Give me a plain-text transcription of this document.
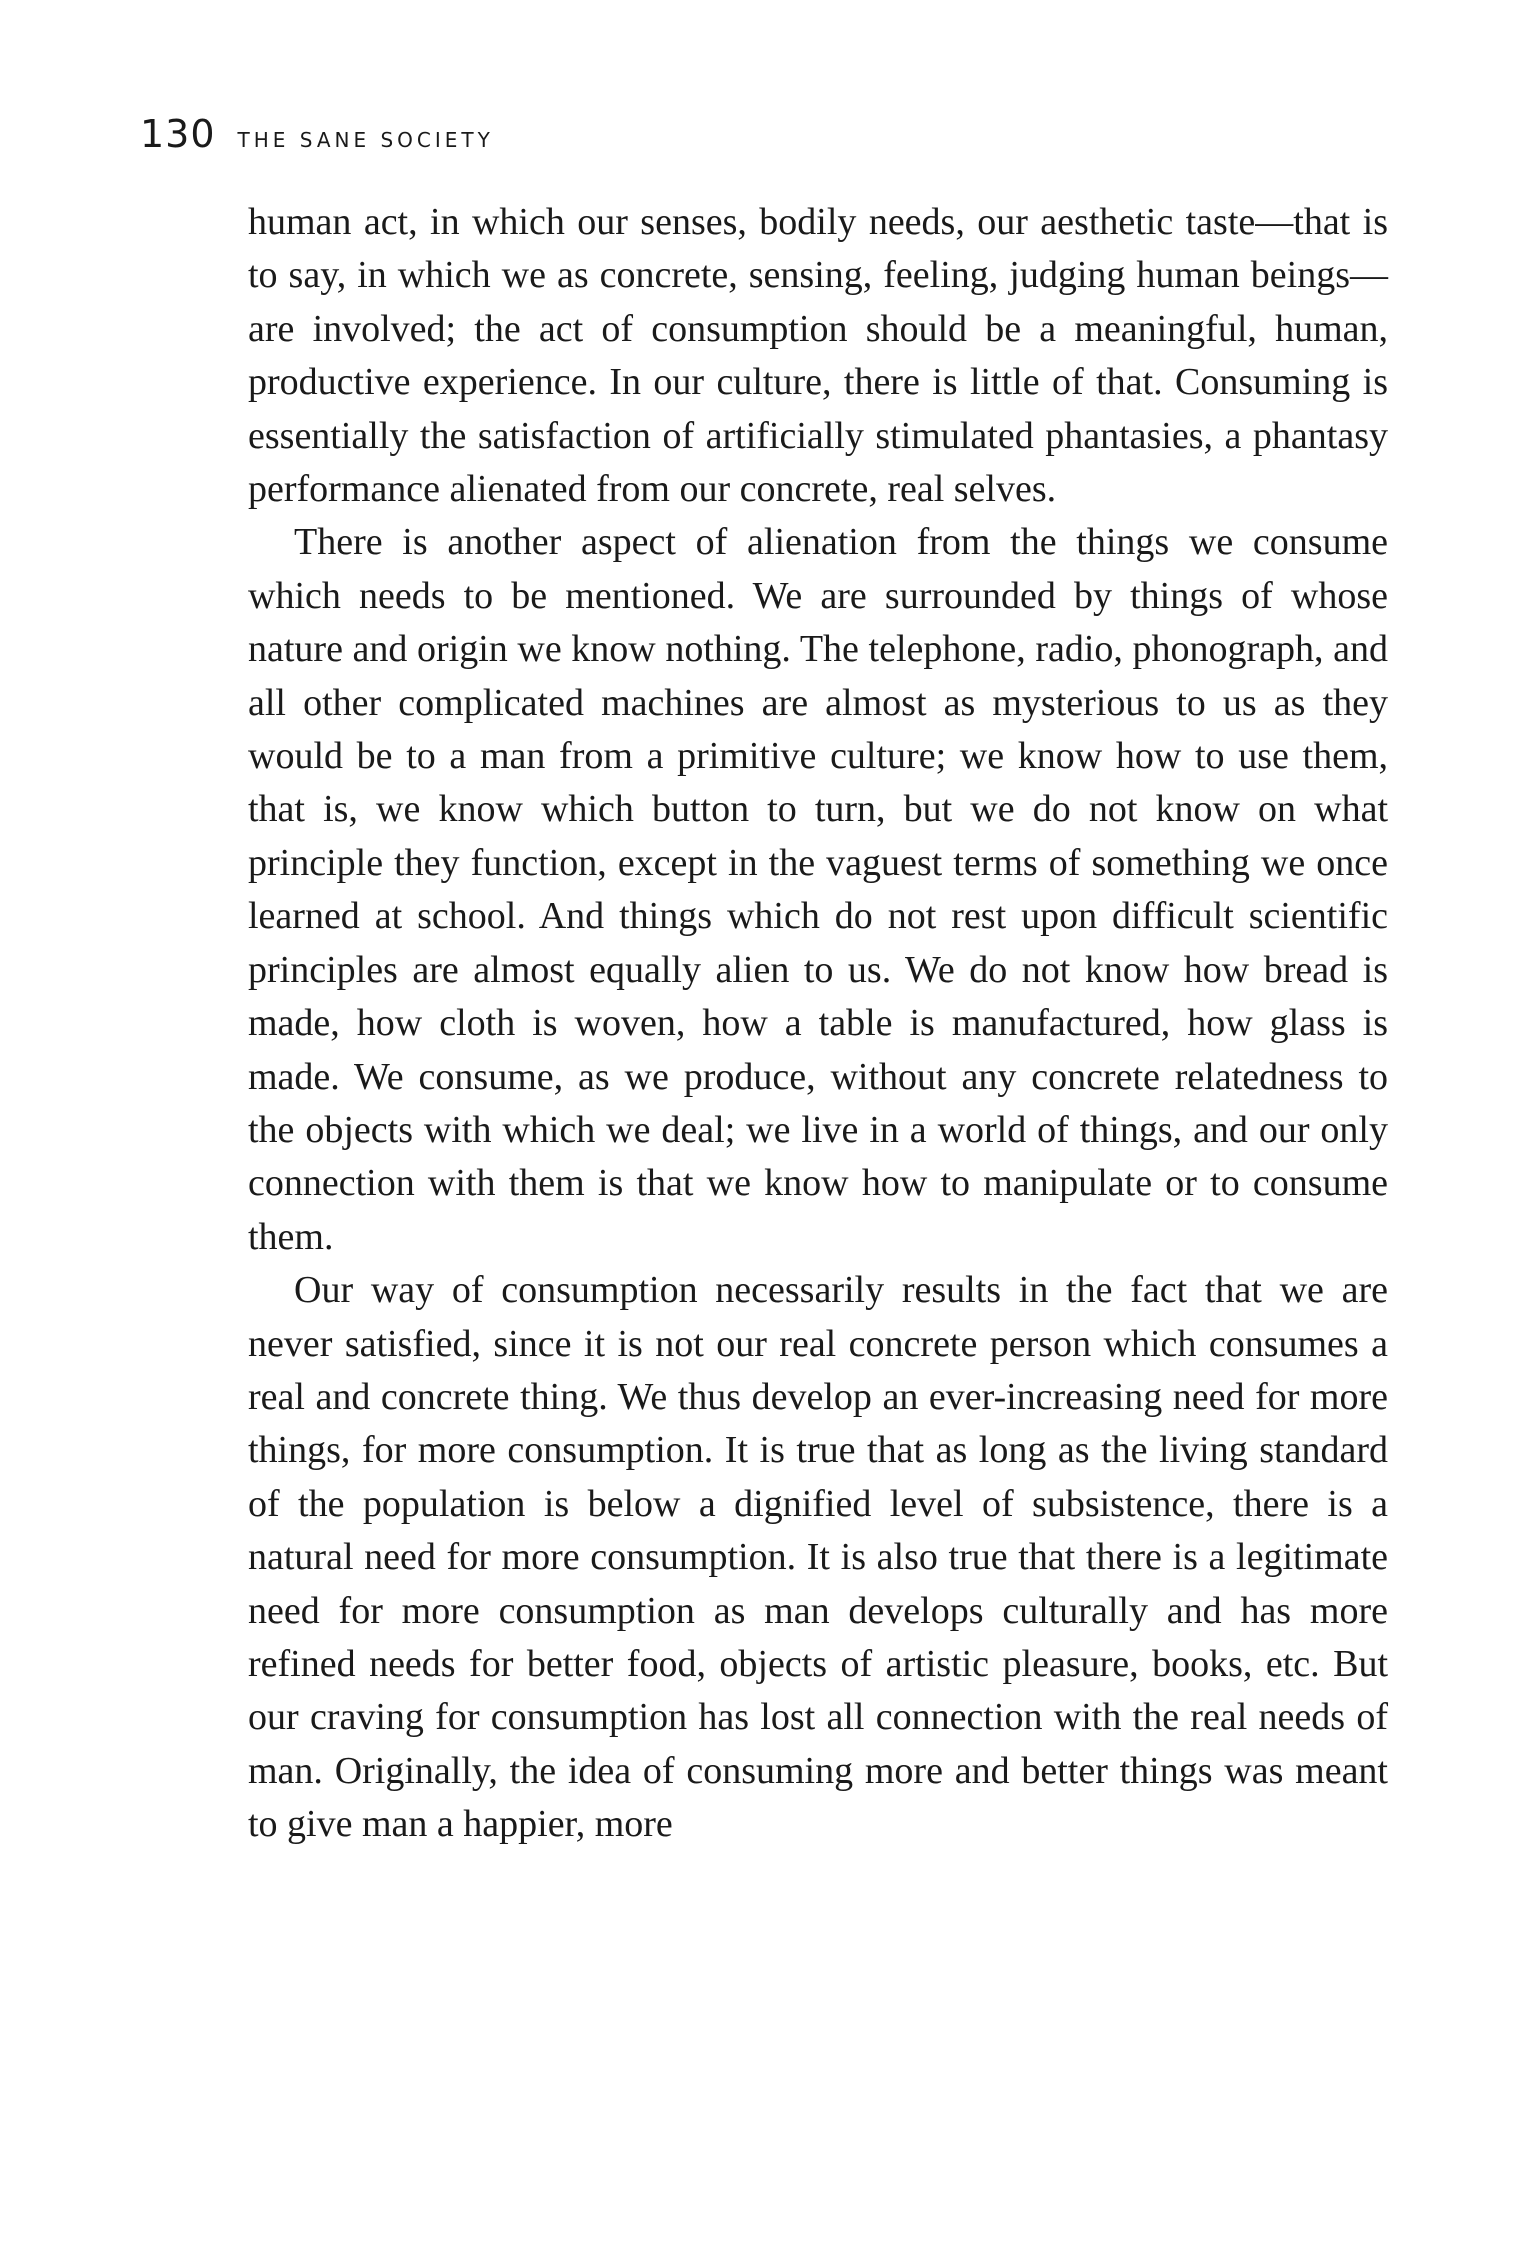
130 THE SANE SOCIETY

human act, in which our senses, bodily needs, our aesthetic taste—that is to say, in which we as concrete, sensing, feeling, judging human beings—are involved; the act of consumption should be a meaningful, human, productive experience. In our culture, there is little of that. Consuming is essentially the satisfaction of artificially stimulated phantasies, a phantasy performance alienated from our concrete, real selves.

There is another aspect of alienation from the things we consume which needs to be mentioned. We are surrounded by things of whose nature and origin we know nothing. The telephone, radio, phonograph, and all other complicated machines are almost as mysterious to us as they would be to a man from a primitive culture; we know how to use them, that is, we know which button to turn, but we do not know on what principle they function, except in the vaguest terms of something we once learned at school. And things which do not rest upon difficult scientific principles are almost equally alien to us. We do not know how bread is made, how cloth is woven, how a table is manufactured, how glass is made. We consume, as we produce, without any concrete relatedness to the objects with which we deal; we live in a world of things, and our only connection with them is that we know how to manipulate or to consume them.

Our way of consumption necessarily results in the fact that we are never satisfied, since it is not our real concrete person which consumes a real and concrete thing. We thus develop an ever-increasing need for more things, for more consumption. It is true that as long as the living standard of the population is below a dignified level of subsistence, there is a natural need for more consumption. It is also true that there is a legitimate need for more consumption as man develops culturally and has more refined needs for better food, objects of artistic pleasure, books, etc. But our craving for consumption has lost all connection with the real needs of man. Originally, the idea of consuming more and better things was meant to give man a happier, more
